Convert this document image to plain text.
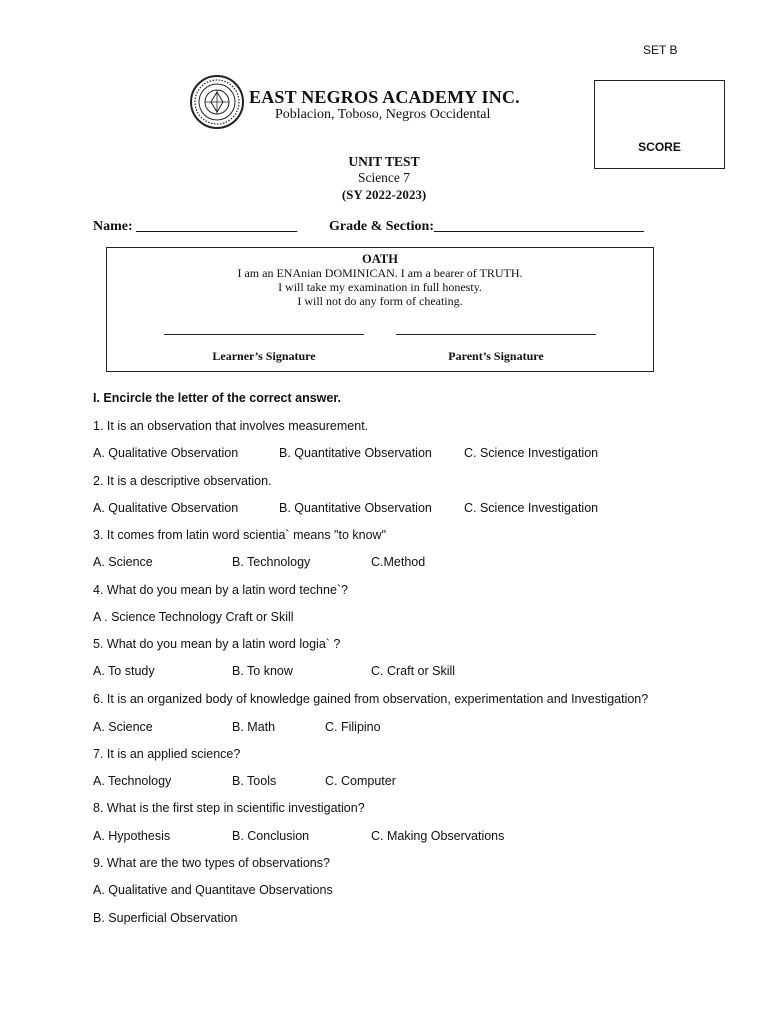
SET B
SCORE
EAST NEGROS ACADEMY INC.
Poblacion, Toboso, Negros Occidental
UNIT TEST
Science 7
(SY 2022-2023)
Name: _______________________ Grade & Section:______________________________
OATH
I am an ENAnian DOMINICAN. I am a bearer of TRUTH.
I will take my examination in full honesty.
I will not do any form of cheating.
Learner’s Signature	Parent’s Signature
I. Encircle the letter of the correct answer.
1. It is an observation that involves measurement.
A. Qualitative Observation	B. Quantitative Observation	C. Science Investigation
2. It is a descriptive observation.
A. Qualitative Observation	B. Quantitative Observation	C. Science Investigation
3. It comes from latin word scientia` means "to know"
A. Science	B. Technology	C.Method
4. What do you mean by a latin word techne`?
A . Science Technology Craft or Skill
5. What do you mean by a latin word logia` ?
A. To study	B. To know	C. Craft or Skill
6. It is an organized body of knowledge gained from observation, experimentation and Investigation?
A. Science	B. Math	C. Filipino
7. It is an applied science?
A. Technology	B. Tools	C. Computer
8. What is the first step in scientific investigation?
A. Hypothesis	B. Conclusion	C. Making Observations
9. What are the two types of observations?
A. Qualitative and Quantitave Observations
B. Superficial Observation
